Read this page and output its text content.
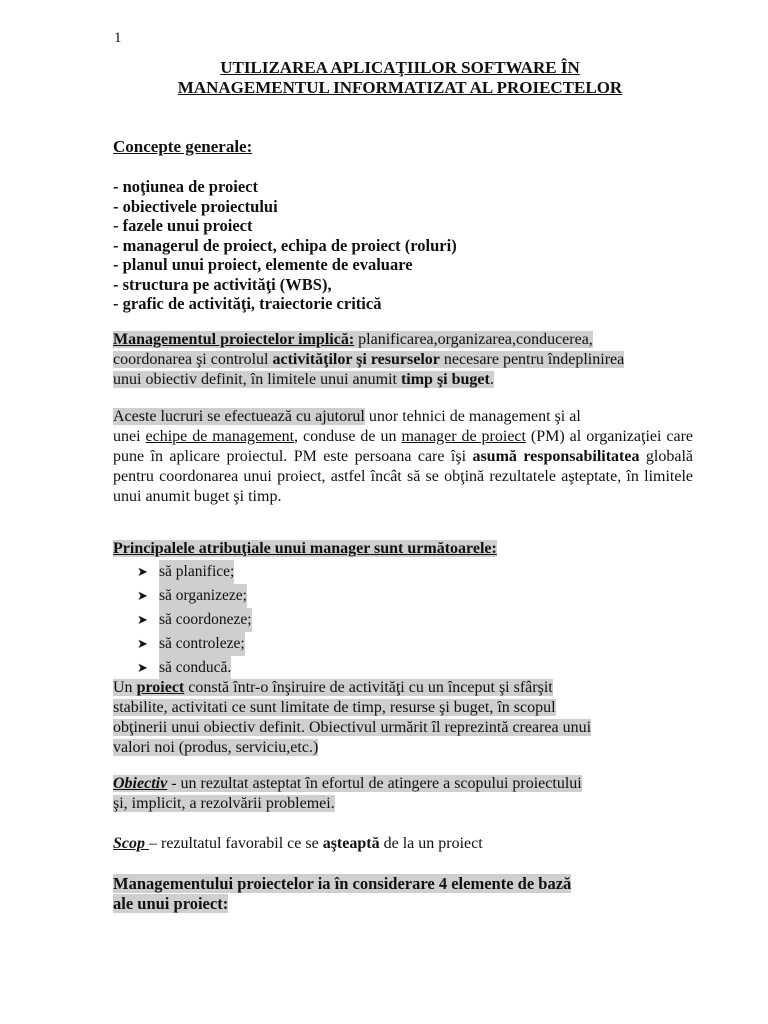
1
UTILIZAREA APLICAŢIILOR SOFTWARE ÎN
MANAGEMENTUL INFORMATIZAT AL PROIECTELOR
Concepte generale:
- noţiunea de proiect
- obiectivele proiectului
- fazele unui proiect
- managerul de proiect, echipa de proiect (roluri)
- planul unui proiect, elemente de evaluare
- structura pe activităţi (WBS),
- grafic de activităţi, traiectorie critică
Managementul proiectelor implică: planificarea,organizarea,conducerea,
coordonarea şi controlul activităţilor şi resurselor necesare pentru îndeplinirea
unui obiectiv definit, în limitele unui anumit timp şi buget.
Aceste lucruri se efectuează cu ajutorul unor tehnici de management şi al
unei echipe de management, conduse de un manager de proiect (PM) al organizaţiei care pune în aplicare proiectul. PM este persoana care îşi asumă responsabilitatea globală pentru coordonarea unui proiect, astfel încât să se obţină rezultatele aşteptate, în limitele unui anumit buget şi timp.
Principalele atribuţiale unui manager sunt următoarele:
➤ să planifice;
➤ să organizeze;
➤ să coordoneze;
➤ să controleze;
➤ să conducă.
Un proiect constă într-o înşiruire de activităţi cu un început şi sfârşit
stabilite, activitati ce sunt limitate de timp, resurse şi buget, în scopul
obţinerii unui obiectiv definit. Obiectivul urmărit îl reprezintă crearea unui
valori noi (produs, serviciu,etc.)
Obiectiv - un rezultat asteptat în efortul de atingere a scopului proiectului
şi, implicit, a rezolvării problemei.
Scop – rezultatul favorabil ce se aşteaptă de la un proiect
Managementului proiectelor ia în considerare 4 elemente de bază
ale unui proiect:
